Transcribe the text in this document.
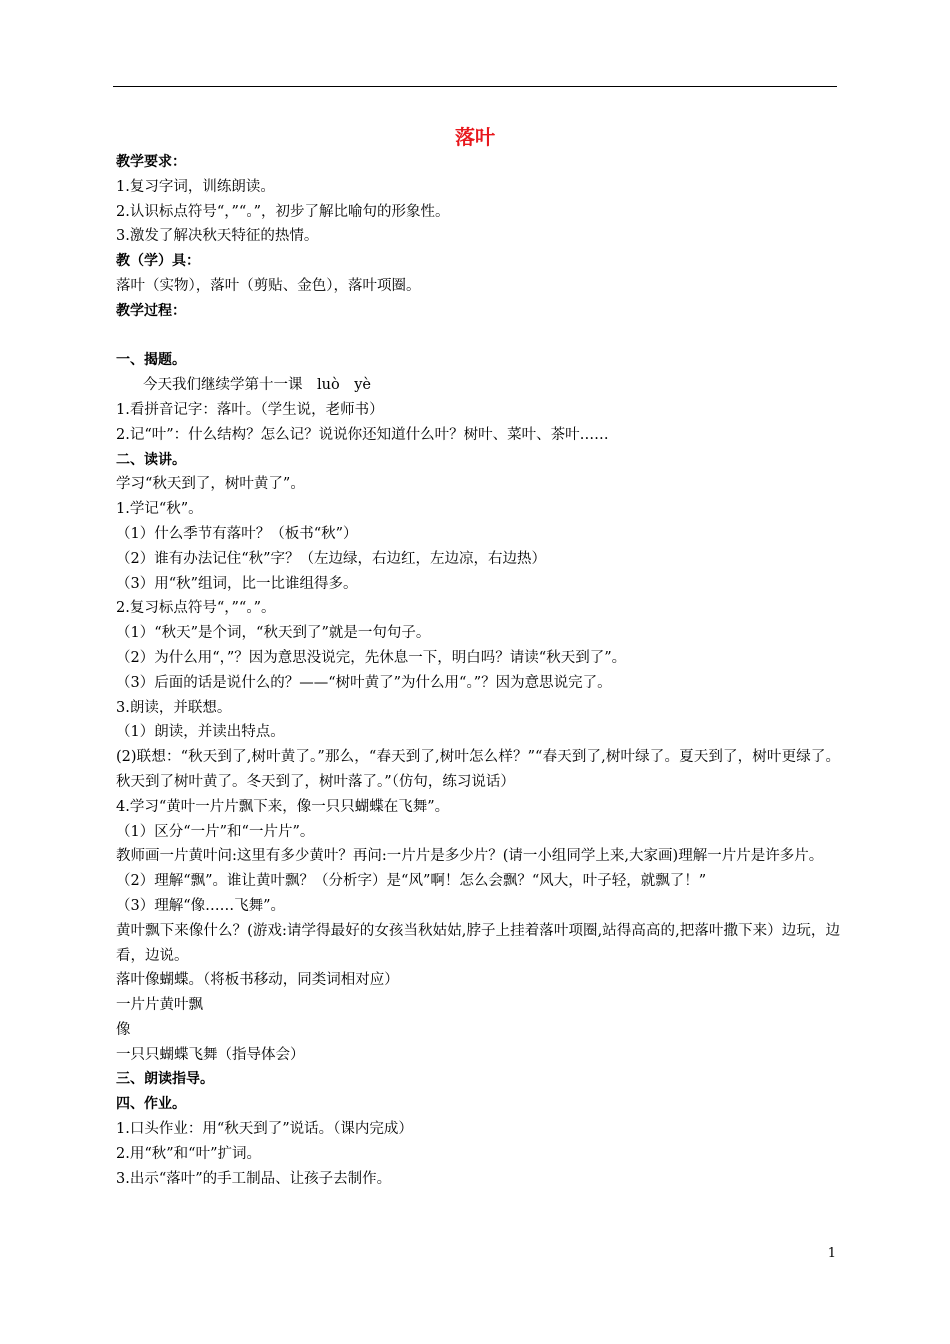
落叶
教学要求：
1.复习字词，训练朗读。
2.认识标点符号“，”“。”，初步了解比喻句的形象性。
3.激发了解决秋天特征的热情。
教（学）具：
落叶（实物），落叶（剪贴、金色），落叶项圈。
教学过程：
一、揭题。
今天我们继续学第十一课　luò　yè
1.看拼音记字：落叶。（学生说，老师书）
2.记“叶”：什么结构？怎么记？说说你还知道什么叶？树叶、菜叶、茶叶……
二、读讲。
学习“秋天到了，树叶黄了”。
1.学记“秋”。
（1）什么季节有落叶？（板书“秋”）
（2）谁有办法记住“秋”字？（左边绿，右边红，左边凉，右边热）
（3）用“秋”组词，比一比谁组得多。
2.复习标点符号“，”“。”。
（1）“秋天”是个词，“秋天到了”就是一句句子。
（2）为什么用“，”？因为意思没说完，先休息一下，明白吗？请读“秋天到了”。
（3）后面的话是说什么的？——“树叶黄了”为什么用“。”？因为意思说完了。
3.朗读，并联想。
（1）朗读，并读出特点。
(2)联想：“秋天到了,树叶黄了。”那么，“春天到了,树叶怎么样？”“春天到了,树叶绿了。夏天到了，树叶更绿了。秋天到了树叶黄了。冬天到了，树叶落了。”（仿句，练习说话）
4.学习“黄叶一片片飘下来，像一只只蝴蝶在飞舞”。
（1）区分“一片”和“一片片”。
教师画一片黄叶问:这里有多少黄叶？再问:一片片是多少片？(请一小组同学上来,大家画)理解一片片是许多片。
（2）理解“飘”。谁让黄叶飘？（分析字）是“风”啊！怎么会飘？“风大，叶子轻，就飘了！”
（3）理解“像……飞舞”。
黄叶飘下来像什么？(游戏:请学得最好的女孩当秋姑姑,脖子上挂着落叶项圈,站得高高的,把落叶撒下来）边玩，边看，边说。
落叶像蝴蝶。（将板书移动，同类词相对应）
一片片黄叶飘
像
一只只蝴蝶飞舞（指导体会）
三、朗读指导。
四、作业。
1.口头作业：用“秋天到了”说话。（课内完成）
2.用“秋”和“叶”扩词。
3.出示“落叶”的手工制品、让孩子去制作。
1
